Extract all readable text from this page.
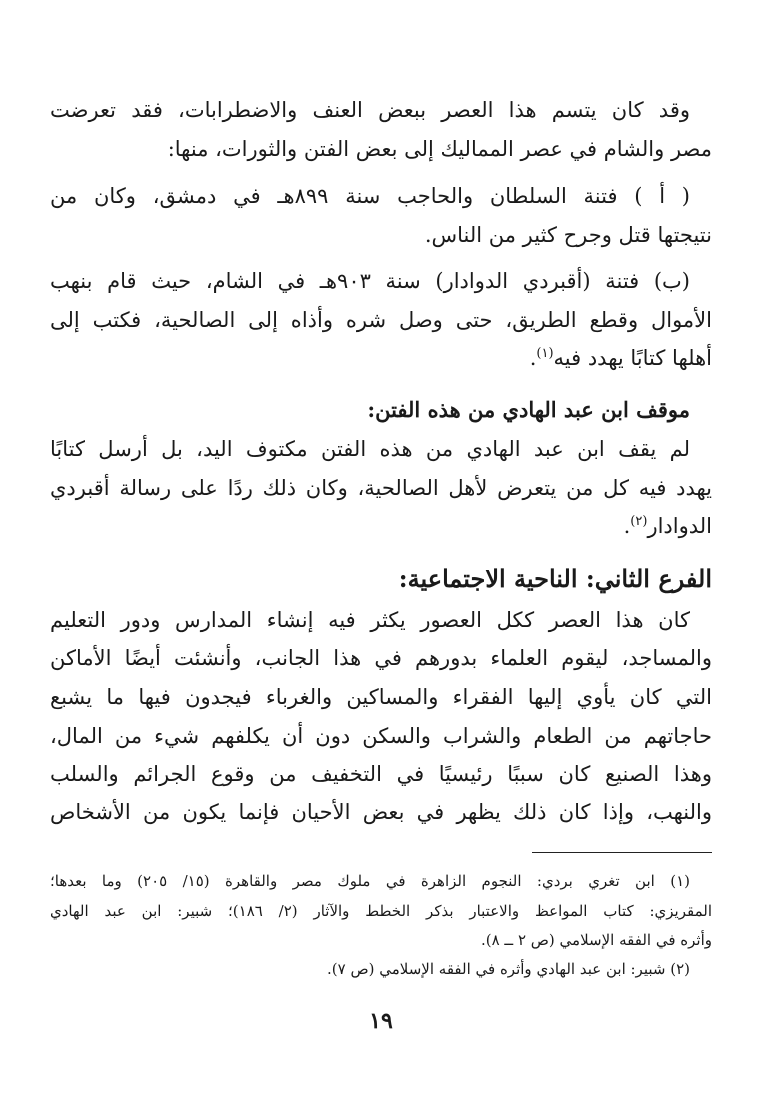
وقد كان يتسم هذا العصر ببعض العنف والاضطرابات، فقد تعرضت
مصر والشام في عصر المماليك إلى بعض الفتن والثورات، منها:
( أ ) فتنة السلطان والحاجب سنة ٨٩٩هـ في دمشق، وكان من
نتيجتها قتل وجرح كثير من الناس.
(ب) فتنة (أقبردي الدوادار) سنة ٩٠٣هـ في الشام، حيث قام بنهب
الأموال وقطع الطريق، حتى وصل شره وأذاه إلى الصالحية، فكتب إلى
أهلها كتابًا يهدد فيه$^{(١)}$.
موقف ابن عبد الهادي من هذه الفتن:
لم يقف ابن عبد الهادي من هذه الفتن مكتوف اليد، بل أرسل كتابًا
يهدد فيه كل من يتعرض لأهل الصالحية، وكان ذلك ردًا على رسالة أقبردي
الدوادار$^{(٢)}$.
الفرع الثاني: الناحية الاجتماعية:
كان هذا العصر ككل العصور يكثر فيه إنشاء المدارس ودور التعليم
والمساجد، ليقوم العلماء بدورهم في هذا الجانب، وأنشئت أيضًا الأماكن
التي كان يأوي إليها الفقراء والمساكين والغرباء فيجدون فيها ما يشبع
حاجاتهم من الطعام والشراب والسكن دون أن يكلفهم شيء من المال،
وهذا الصنيع كان سببًا رئيسيًا في التخفيف من وقوع الجرائم والسلب
والنهب، وإذا كان ذلك يظهر في بعض الأحيان فإنما يكون من الأشخاص
(١) ابن تغري بردي: النجوم الزاهرة في ملوك مصر والقاهرة (١٥/ ٢٠٥) وما بعدها؛
المقريزي: كتاب المواعظ والاعتبار بذكر الخطط والآثار (٢/ ١٨٦)؛ شبير: ابن عبد الهادي
وأثره في الفقه الإسلامي (ص ٢ ــ ٨).
(٢) شبير: ابن عبد الهادي وأثره في الفقه الإسلامي (ص ٧).
١٩
